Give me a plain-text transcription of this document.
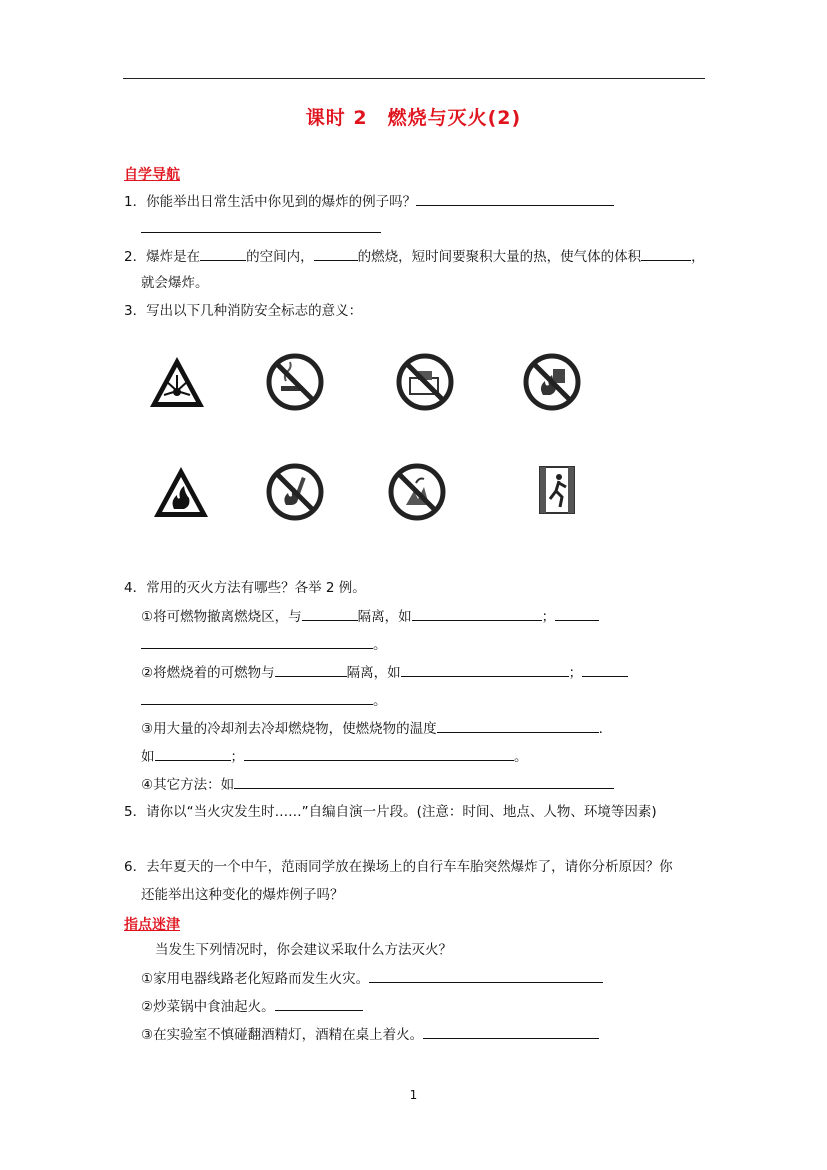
课时 2　燃烧与灭火(2)
自学导航
1．你能举出日常生活中你见到的爆炸的例子吗？
2．爆炸是在	的空间内，	的燃烧，短时间要聚积大量的热，使气体的体积	，
就会爆炸。
3．写出以下几种消防安全标志的意义：
4．常用的灭火方法有哪些？各举 2 例。
①将可燃物撤离燃烧区，与	隔离，如	；
。
②将燃烧着的可燃物与	隔离，如	；
。
③用大量的冷却剂去冷却燃烧物，使燃烧物的温度	.
如	；	。
④其它方法：如
5．请你以“当火灾发生时……”自编自演一片段。(注意：时间、地点、人物、环境等因素)
6．去年夏天的一个中午，范雨同学放在操场上的自行车车胎突然爆炸了，请你分析原因？你
还能举出这种变化的爆炸例子吗？
指点迷津
当发生下列情况时，你会建议采取什么方法灭火？
①家用电器线路老化短路而发生火灾。
②炒菜锅中食油起火。
③在实验室不慎碰翻酒精灯，酒精在桌上着火。
1
